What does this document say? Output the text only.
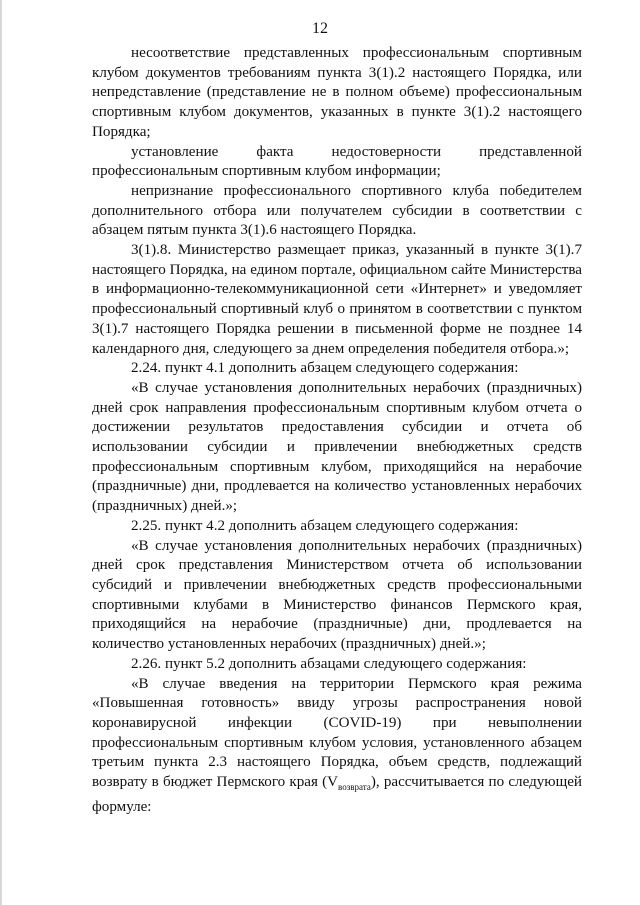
12

несоответствие представленных профессиональным спортивным клубом документов требованиям пункта 3(1).2 настоящего Порядка, или непредставление (представление не в полном объеме) профессиональным спортивным клубом документов, указанных в пункте 3(1).2 настоящего Порядка;

установление факта недостоверности представленной профессиональным спортивным клубом информации;

непризнание профессионального спортивного клуба победителем дополнительного отбора или получателем субсидии в соответствии с абзацем пятым пункта 3(1).6 настоящего Порядка.

3(1).8. Министерство размещает приказ, указанный в пункте 3(1).7 настоящего Порядка, на едином портале, официальном сайте Министерства в информационно-телекоммуникационной сети «Интернет» и уведомляет профессиональный спортивный клуб о принятом в соответствии с пунктом 3(1).7 настоящего Порядка решении в письменной форме не позднее 14 календарного дня, следующего за днем определения победителя отбора.»;

2.24. пункт 4.1 дополнить абзацем следующего содержания:

«В случае установления дополнительных нерабочих (праздничных) дней срок направления профессиональным спортивным клубом отчета о достижении результатов предоставления субсидии и отчета об использовании субсидии и привлечении внебюджетных средств профессиональным спортивным клубом, приходящийся на нерабочие (праздничные) дни, продлевается на количество установленных нерабочих (праздничных) дней.»;

2.25. пункт 4.2 дополнить абзацем следующего содержания:

«В случае установления дополнительных нерабочих (праздничных) дней срок представления Министерством отчета об использовании субсидий и привлечении внебюджетных средств профессиональными спортивными клубами в Министерство финансов Пермского края, приходящийся на нерабочие (праздничные) дни, продлевается на количество установленных нерабочих (праздничных) дней.»;

2.26. пункт 5.2 дополнить абзацами следующего содержания:

«В случае введения на территории Пермского края режима «Повышенная готовность» ввиду угрозы распространения новой коронавирусной инфекции (COVID-19) при невыполнении профессиональным спортивным клубом условия, установленного абзацем третьим пункта 2.3 настоящего Порядка, объем средств, подлежащий возврату в бюджет Пермского края $(V_{возврата})$, рассчитывается по следующей формуле:
